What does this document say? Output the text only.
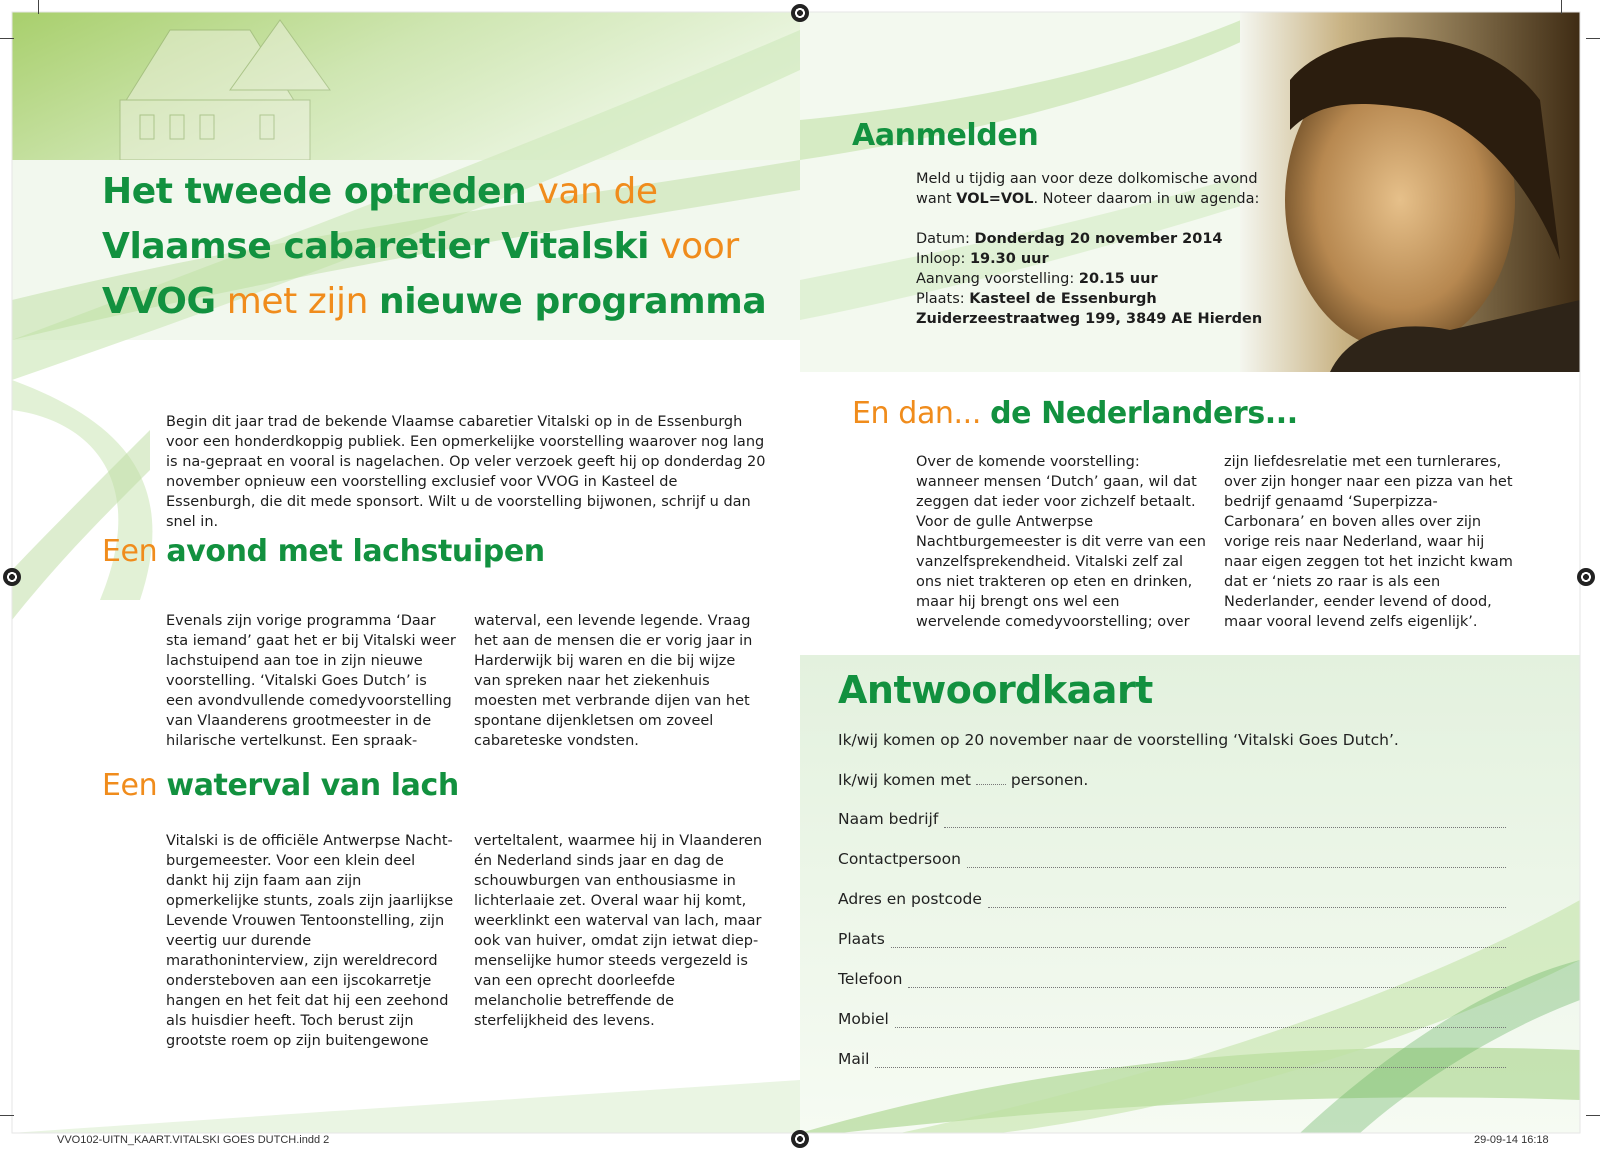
Het tweede optreden van de
Vlaamse cabaretier Vitalski voor
VVOG met zijn nieuwe programma
Begin dit jaar trad de bekende Vlaamse cabaretier Vitalski op in de Essenburgh voor een honderdkoppig publiek. Een opmerkelijke voorstelling waarover nog lang is na-gepraat en vooral is nagelachen. Op veler verzoek geeft hij op donderdag 20 november opnieuw een voorstelling exclusief voor VVOG in Kasteel de Essenburgh, die dit mede sponsort. Wilt u de voorstelling bijwonen, schrijf u dan snel in.
Een avond met lachstuipen
Evenals zijn vorige programma ‘Daar sta iemand’ gaat het er bij Vitalski weer lachstuipend aan toe in zijn nieuwe voorstelling. ‘Vitalski Goes Dutch’ is een avondvullende comedyvoorstelling van Vlaanderens grootmeester in de hilarische vertelkunst. Een spraak-
waterval, een levende legende. Vraag het aan de mensen die er vorig jaar in Harderwijk bij waren en die bij wijze van spreken naar het ziekenhuis moesten met verbrande dijen van het spontane dijenkletsen om zoveel cabareteske vondsten.
Een waterval van lach
Vitalski is de officiële Antwerpse Nacht-burgemeester. Voor een klein deel dankt hij zijn faam aan zijn opmerkelijke stunts, zoals zijn jaarlijkse Levende Vrouwen Tentoonstelling, zijn veertig uur durende marathoninterview, zijn wereldrecord ondersteboven aan een ijscokarretje hangen en het feit dat hij een zeehond als huisdier heeft. Toch berust zijn grootste roem op zijn buitengewone
verteltalent, waarmee hij in Vlaanderen én Nederland sinds jaar en dag de schouwburgen van enthousiasme in lichterlaaie zet. Overal waar hij komt, weerklinkt een waterval van lach, maar ook van huiver, omdat zijn ietwat diep-menselijke humor steeds vergezeld is van een oprecht doorleefde melancholie betreffende de sterfelijkheid des levens.
Aanmelden
Meld u tijdig aan voor deze dolkomische avond
want VOL=VOL. Noteer daarom in uw agenda:
Datum: Donderdag 20 november 2014
Inloop: 19.30 uur
Aanvang voorstelling: 20.15 uur
Plaats: Kasteel de Essenburgh
Zuiderzeestraatweg 199, 3849 AE Hierden
En dan... de Nederlanders...
Over de komende voorstelling: wanneer mensen ‘Dutch’ gaan, wil dat zeggen dat ieder voor zichzelf betaalt. Voor de gulle Antwerpse Nachtburgemeester is dit verre van een vanzelfsprekendheid. Vitalski zelf zal ons niet trakteren op eten en drinken, maar hij brengt ons wel een wervelende comedyvoorstelling; over
zijn liefdesrelatie met een turnlerares, over zijn honger naar een pizza van het bedrijf genaamd ‘Superpizza-Carbonara’ en boven alles over zijn vorige reis naar Nederland, waar hij naar eigen zeggen tot het inzicht kwam dat er ‘niets zo raar is als een Nederlander, eender levend of dood, maar vooral levend zelfs eigenlijk’.
Antwoordkaart
Ik/wij komen op 20 november naar de voorstelling ‘Vitalski Goes Dutch’.
Ik/wij komen met	personen.
Naam bedrijf
Contactpersoon
Adres en postcode
Plaats
Telefoon
Mobiel
Mail
VVO102-UITN_KAART.VITALSKI GOES DUTCH.indd 2	29-09-14 16:18
